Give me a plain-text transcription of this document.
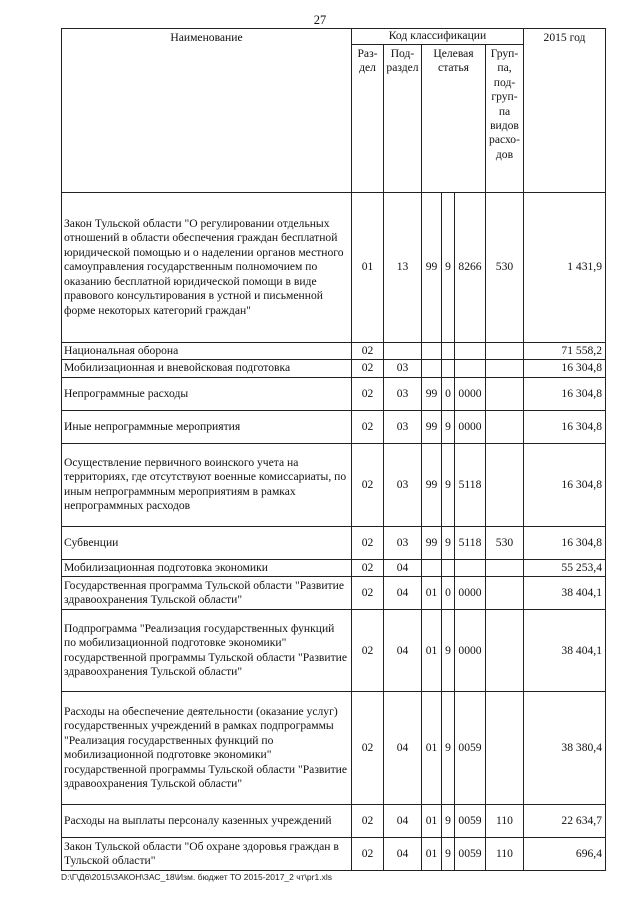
27
Наименование	Код классификации						2015 год
	Раз-дел	Под-раздел	Целевая статья			Груп-па, под-груп-па видов расхо-дов	
Закон Тульской области "О регулировании отдельных отношений в области обеспечения граждан бесплатной юридической помощью и о наделении органов местного самоуправления государственным полномочием по оказанию бесплатной юридической помощи в виде правового консультирования в устной и письменной форме некоторых категорий граждан"	01	13	99	9	8266	530	1 431,9
Национальная оборона	02						71 558,2
Мобилизационная и вневойсковая подготовка	02	03					16 304,8
Непрограммные расходы	02	03	99	0	0000		16 304,8
Иные непрограммные мероприятия	02	03	99	9	0000		16 304,8
Осуществление первичного воинского учета на территориях, где отсутствуют военные комиссариаты, по иным непрограммным мероприятиям в рамках непрограммных расходов	02	03	99	9	5118		16 304,8
Субвенции	02	03	99	9	5118	530	16 304,8
Мобилизационная подготовка экономики	02	04					55 253,4
Государственная программа Тульской области "Развитие здравоохранения Тульской области"	02	04	01	0	0000		38 404,1
Подпрограмма "Реализация государственных функций по мобилизационной подготовке экономики" государственной программы Тульской области "Развитие здравоохранения Тульской области"	02	04	01	9	0000		38 404,1
Расходы на обеспечение деятельности (оказание услуг) государственных учреждений в рамках подпрограммы "Реализация государственных функций по мобилизационной подготовке экономики" государственной программы Тульской области "Развитие здравоохранения Тульской области"	02	04	01	9	0059		38 380,4
Расходы на выплаты персоналу казенных учреждений	02	04	01	9	0059	110	22 634,7
Закон Тульской области "Об охране здоровья граждан в Тульской области"	02	04	01	9	0059	110	696,4
D:\Г\Д6\2015\ЗАКОН\ЗАС_18\Изм. бюджет ТО 2015-2017_2 чт\pr1.xls
